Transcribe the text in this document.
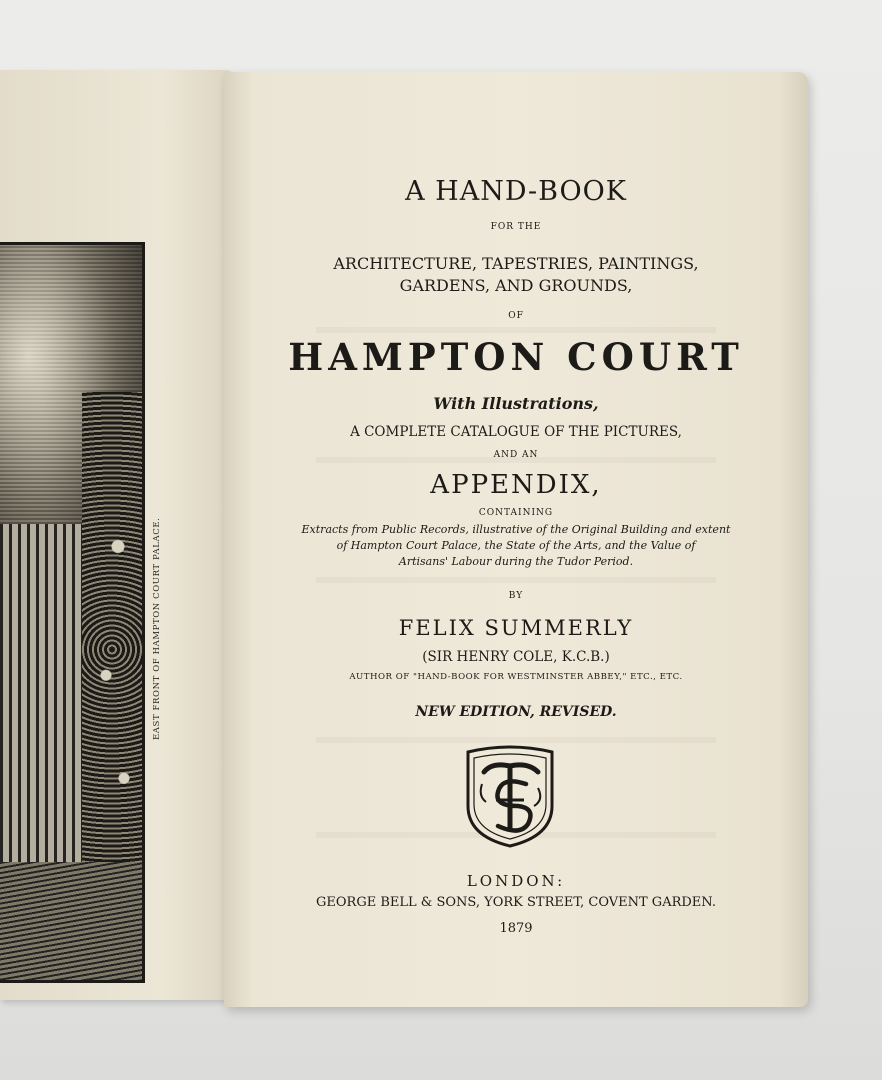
EAST FRONT OF HAMPTON COURT PALACE.
A HAND-BOOK
FOR THE
ARCHITECTURE, TAPESTRIES, PAINTINGS,
GARDENS, AND GROUNDS,
OF
HAMPTON COURT
With Illustrations,
A COMPLETE CATALOGUE OF THE PICTURES,
AND AN
APPENDIX,
CONTAINING
Extracts from Public Records, illustrative of the Original Building and extent
of Hampton Court Palace, the State of the Arts, and the Value of
Artisans' Labour during the Tudor Period.
BY
FELIX SUMMERLY
(SIR HENRY COLE, K.C.B.)
AUTHOR OF "HAND-BOOK FOR WESTMINSTER ABBEY," ETC., ETC.
NEW EDITION, REVISED.
LONDON:
GEORGE BELL & SONS, YORK STREET, COVENT GARDEN.
1879
